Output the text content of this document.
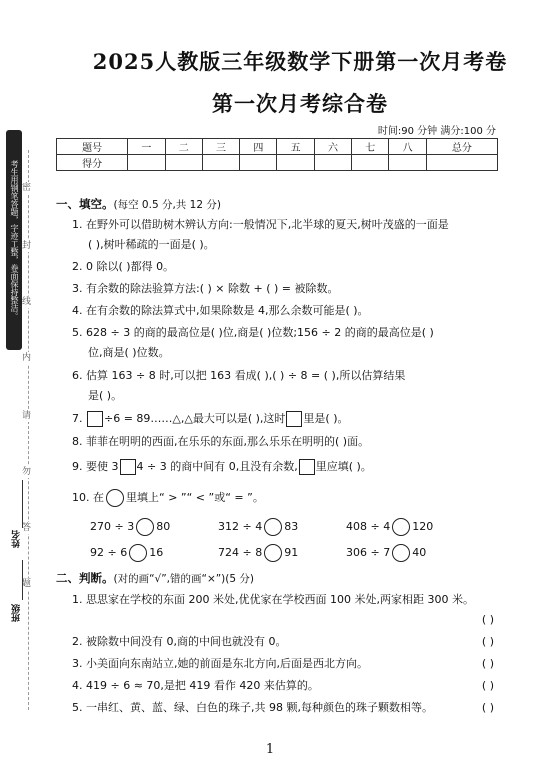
考生用钢笔答题，字迹工整，卷面保持整洁。 密
封
线
内
请
勿
答
题
姓名
班级
2025人教版三年级数学下册第一次月考卷
第一次月考综合卷
时间:90 分钟 满分:100 分
题号	一	二	三	四	五	六	七	八	总分
得分									
一、填空。(每空 0.5 分,共 12 分)
1. 在野外可以借助树木辨认方向:一般情况下,北半球的夏天,树叶茂盛的一面是
( ),树叶稀疏的一面是( )。
2. 0 除以( )都得 0。
3. 有余数的除法验算方法:( ) × 除数 + ( ) = 被除数。
4. 在有余数的除法算式中,如果除数是 4,那么余数可能是( )。
5. 628 ÷ 3 的商的最高位是( )位,商是( )位数;156 ÷ 2 的商的最高位是( )
位,商是( )位数。
6. 估算 163 ÷ 8 时,可以把 163 看成( ),( ) ÷ 8 = ( ),所以估算结果
是( )。
7. ÷6 = 89……△,△最大可以是( ),这时 里是( )。
8. 菲菲在明明的西面,在乐乐的东面,那么乐乐在明明的( )面。
9. 要使 3 4 ÷ 3 的商中间有 0,且没有余数, 里应填( )。
10. 在 里填上“ > ”“ < ”或“ = ”。
270 ÷ 3 80	312 ÷ 4 83	408 ÷ 4 120
92 ÷ 6 16	724 ÷ 8 91	306 ÷ 7 40
二、判断。(对的画“√”,错的画“×”)(5 分)
1. 思思家在学校的东面 200 米处,优优家在学校西面 100 米处,两家相距 300 米。
( )
2. 被除数中间没有 0,商的中间也就没有 0。	( )
3. 小美面向东南站立,她的前面是东北方向,后面是西北方向。	( )
4. 419 ÷ 6 ≈ 70,是把 419 看作 420 来估算的。	( )
5. 一串红、黄、蓝、绿、白色的珠子,共 98 颗,每种颜色的珠子颗数相等。	( )
1
